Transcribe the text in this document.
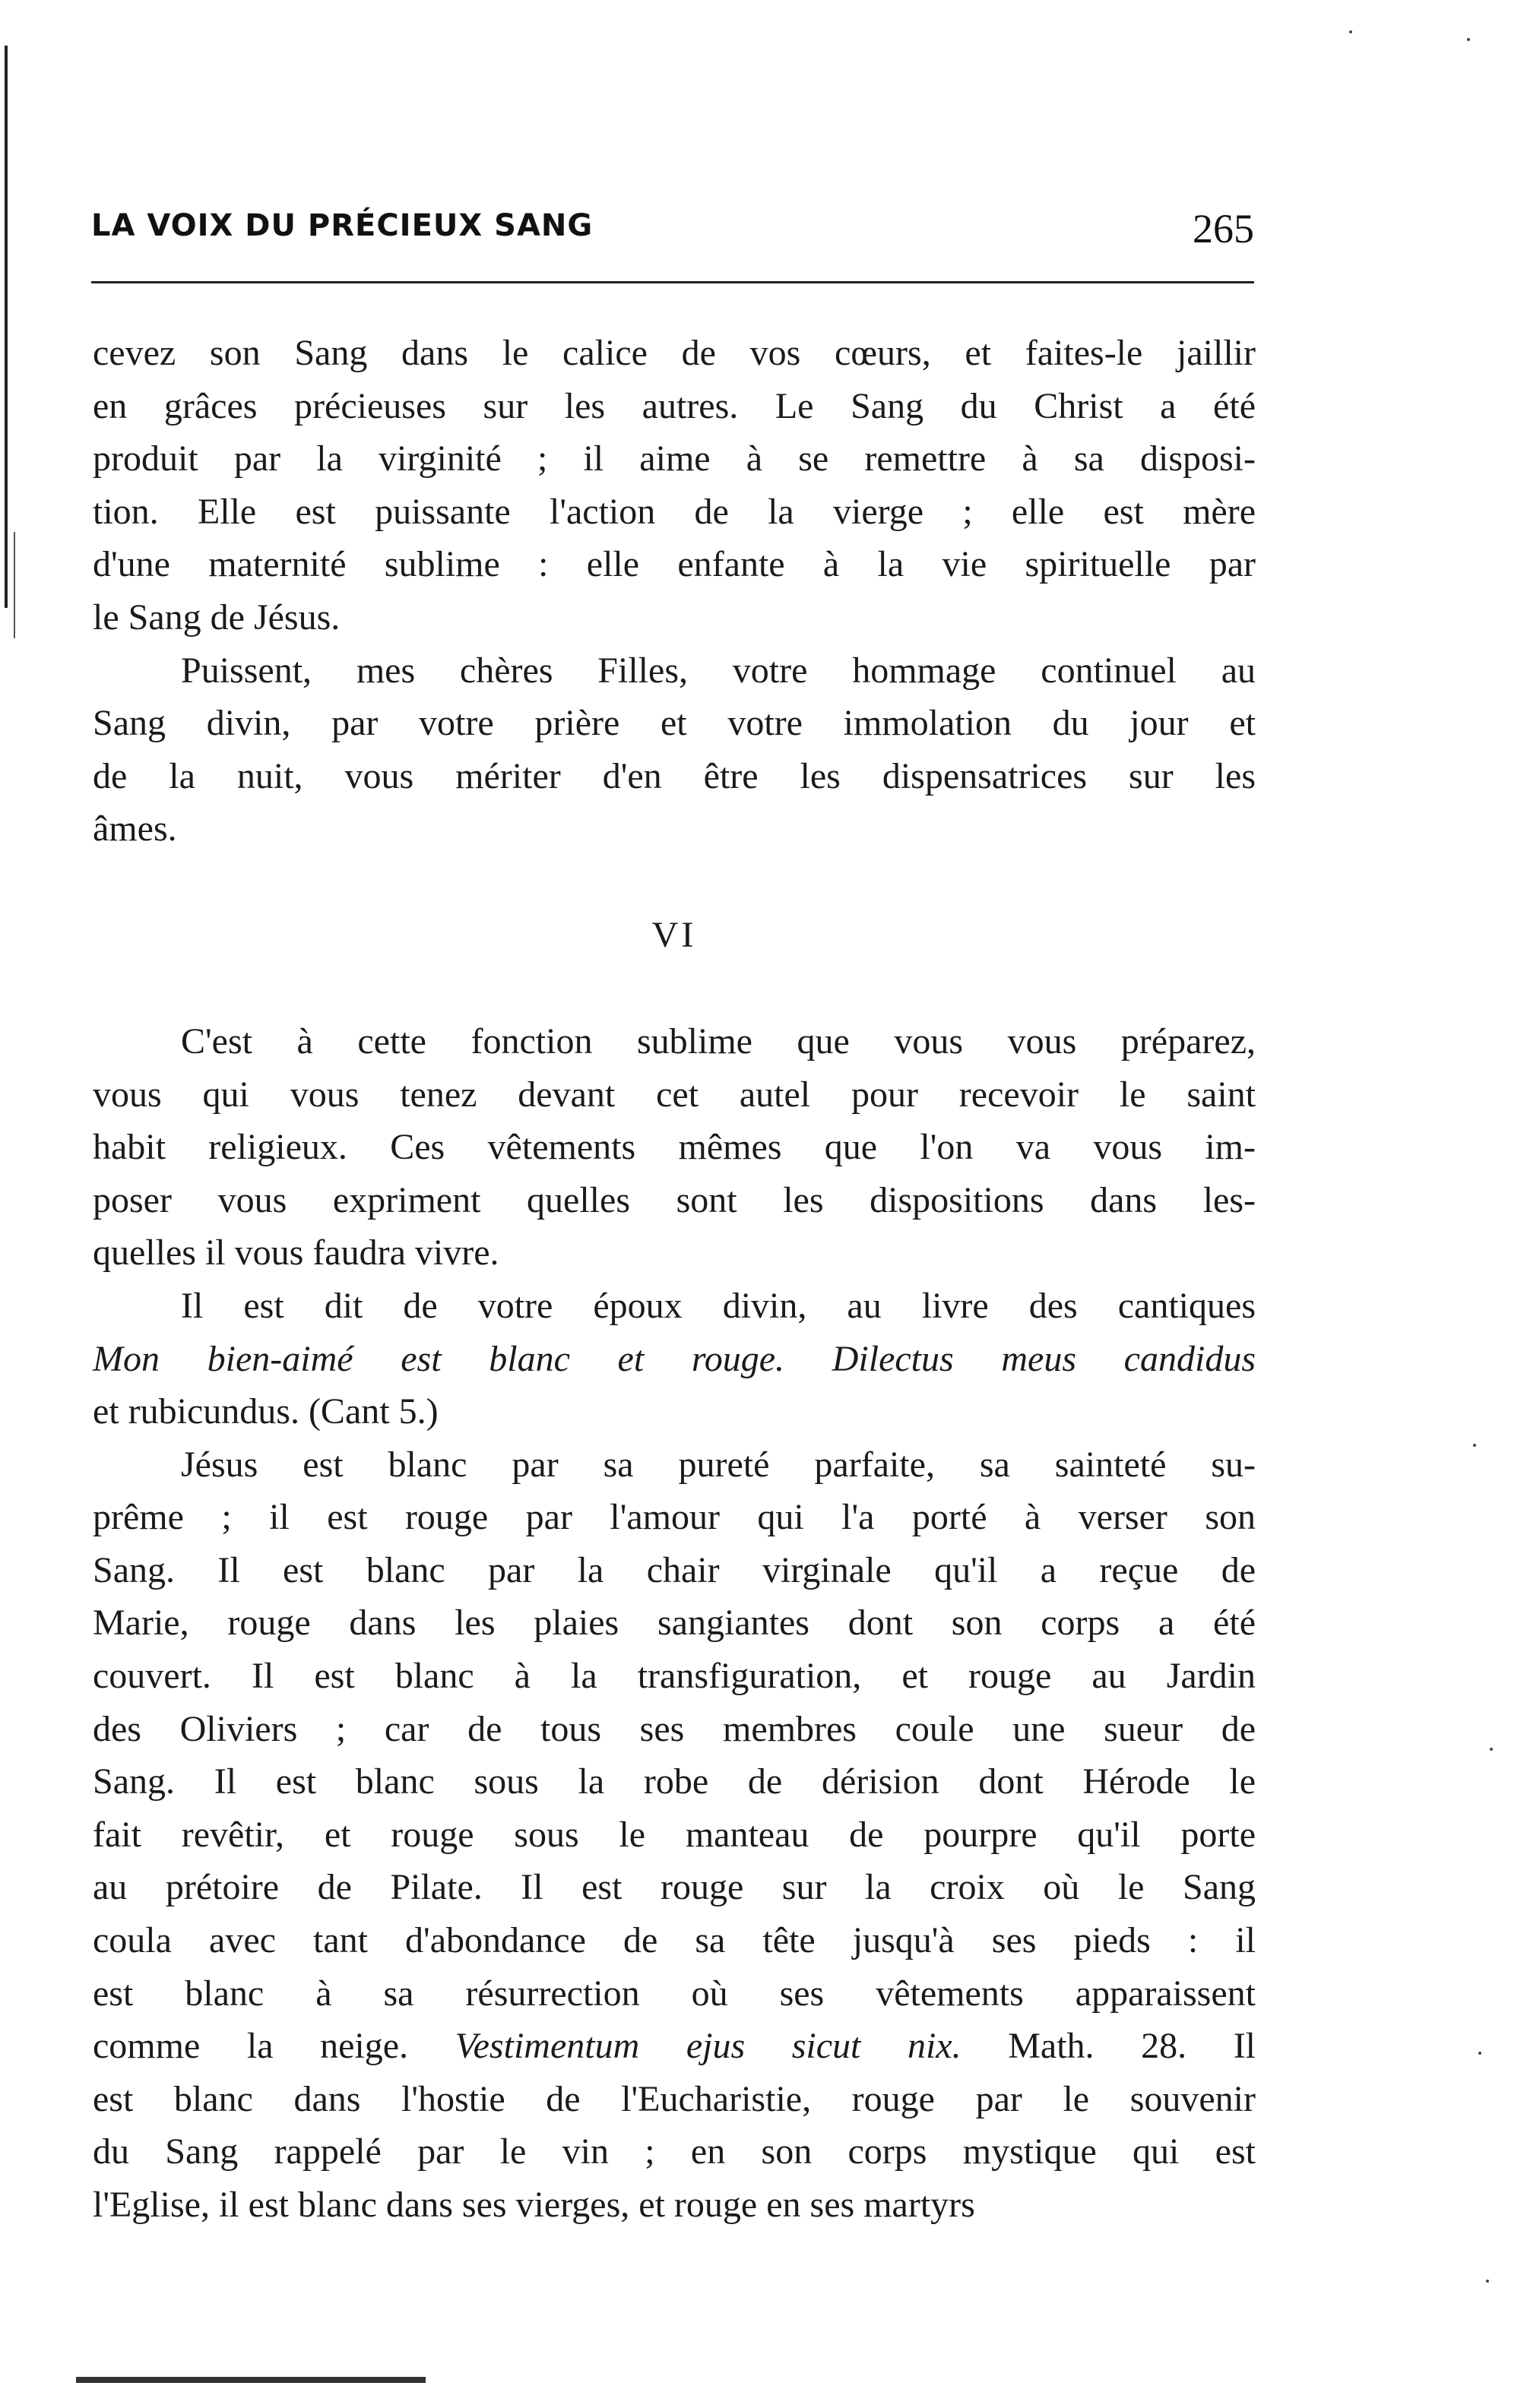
LA VOIX DU PRÉCIEUX SANG	265
cevez son Sang dans le calice de vos cœurs, et faites-le jaillir
en grâces précieuses sur les autres. Le Sang du Christ a été
produit par la virginité ; il aime à se remettre à sa disposi-
tion. Elle est puissante l'action de la vierge ; elle est mère
d'une maternité sublime : elle enfante à la vie spirituelle par
le Sang de Jésus.
Puissent, mes chères Filles, votre hommage continuel au
Sang divin, par votre prière et votre immolation du jour et
de la nuit, vous mériter d'en être les dispensatrices sur les
âmes.
VI
C'est à cette fonction sublime que vous vous préparez,
vous qui vous tenez devant cet autel pour recevoir le saint
habit religieux. Ces vêtements mêmes que l'on va vous im-
poser vous expriment quelles sont les dispositions dans les-
quelles il vous faudra vivre.
Il est dit de votre époux divin, au livre des cantiques
Mon bien-aimé est blanc et rouge. Dilectus meus candidus
et rubicundus. (Cant 5.)
Jésus est blanc par sa pureté parfaite, sa sainteté su-
prême ; il est rouge par l'amour qui l'a porté à verser son
Sang. Il est blanc par la chair virginale qu'il a reçue de
Marie, rouge dans les plaies sangiantes dont son corps a été
couvert. Il est blanc à la transfiguration, et rouge au Jardin
des Oliviers ; car de tous ses membres coule une sueur de
Sang. Il est blanc sous la robe de dérision dont Hérode le
fait revêtir, et rouge sous le manteau de pourpre qu'il porte
au prétoire de Pilate. Il est rouge sur la croix où le Sang
coula avec tant d'abondance de sa tête jusqu'à ses pieds : il
est blanc à sa résurrection où ses vêtements apparaissent
comme la neige. Vestimentum ejus sicut nix. Math. 28. Il
est blanc dans l'hostie de l'Eucharistie, rouge par le souvenir
du Sang rappelé par le vin ; en son corps mystique qui est
l'Eglise, il est blanc dans ses vierges, et rouge en ses martyrs
